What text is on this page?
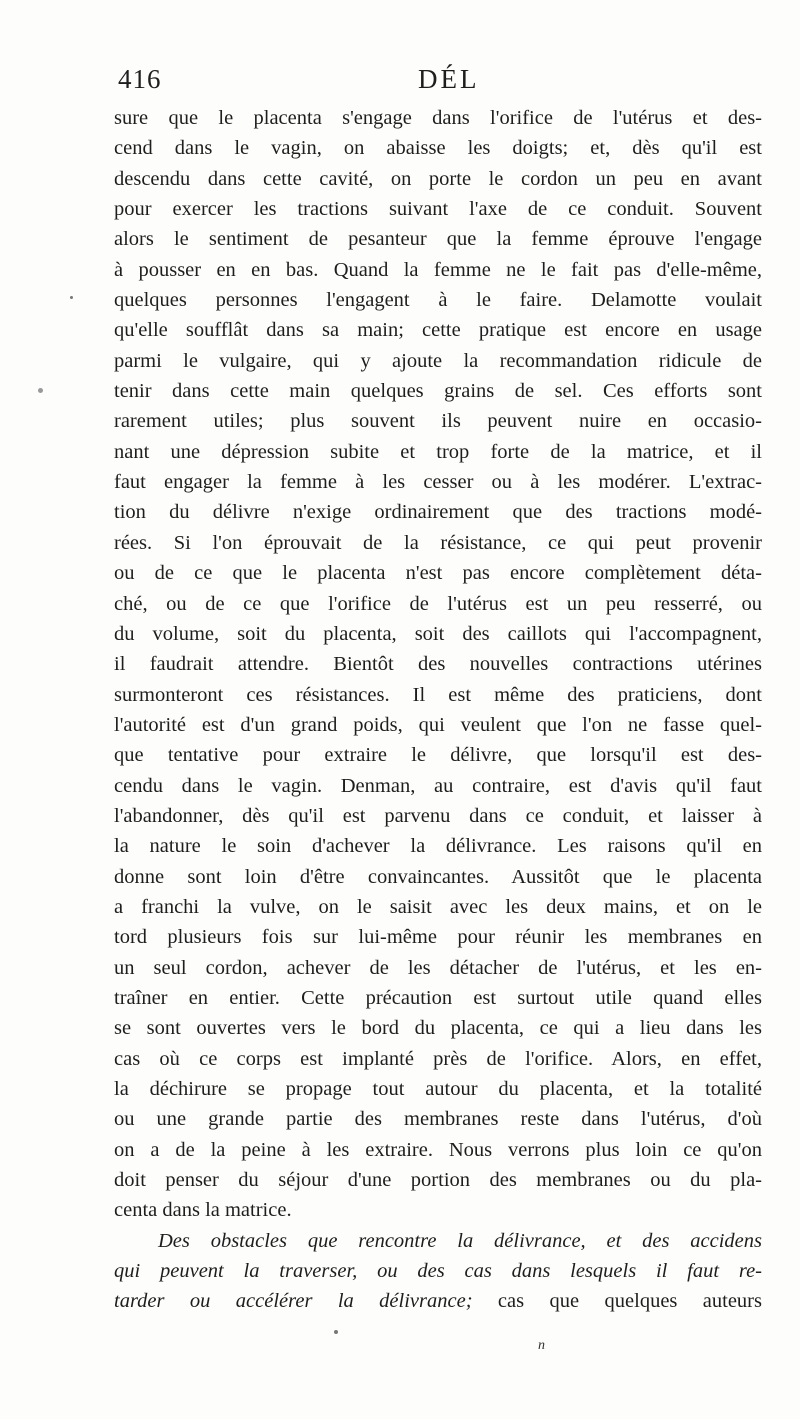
416	DÉL
sure que le placenta s'engage dans l'orifice de l'utérus et des-
cend dans le vagin, on abaisse les doigts; et, dès qu'il est
descendu dans cette cavité, on porte le cordon un peu en avant
pour exercer les tractions suivant l'axe de ce conduit. Souvent
alors le sentiment de pesanteur que la femme éprouve l'engage
à pousser en en bas. Quand la femme ne le fait pas d'elle-même,
quelques personnes l'engagent à le faire. Delamotte voulait
qu'elle soufflât dans sa main; cette pratique est encore en usage
parmi le vulgaire, qui y ajoute la recommandation ridicule de
tenir dans cette main quelques grains de sel. Ces efforts sont
rarement utiles; plus souvent ils peuvent nuire en occasio-
nant une dépression subite et trop forte de la matrice, et il
faut engager la femme à les cesser ou à les modérer. L'extrac-
tion du délivre n'exige ordinairement que des tractions modé-
rées. Si l'on éprouvait de la résistance, ce qui peut provenir
ou de ce que le placenta n'est pas encore complètement déta-
ché, ou de ce que l'orifice de l'utérus est un peu resserré, ou
du volume, soit du placenta, soit des caillots qui l'accompagnent,
il faudrait attendre. Bientôt des nouvelles contractions utérines
surmonteront ces résistances. Il est même des praticiens, dont
l'autorité est d'un grand poids, qui veulent que l'on ne fasse quel-
que tentative pour extraire le délivre, que lorsqu'il est des-
cendu dans le vagin. Denman, au contraire, est d'avis qu'il faut
l'abandonner, dès qu'il est parvenu dans ce conduit, et laisser à
la nature le soin d'achever la délivrance. Les raisons qu'il en
donne sont loin d'être convaincantes. Aussitôt que le placenta
a franchi la vulve, on le saisit avec les deux mains, et on le
tord plusieurs fois sur lui-même pour réunir les membranes en
un seul cordon, achever de les détacher de l'utérus, et les en-
traîner en entier. Cette précaution est surtout utile quand elles
se sont ouvertes vers le bord du placenta, ce qui a lieu dans les
cas où ce corps est implanté près de l'orifice. Alors, en effet,
la déchirure se propage tout autour du placenta, et la totalité
ou une grande partie des membranes reste dans l'utérus, d'où
on a de la peine à les extraire. Nous verrons plus loin ce qu'on
doit penser du séjour d'une portion des membranes ou du pla-
centa dans la matrice.
Des obstacles que rencontre la délivrance, et des accidens
qui peuvent la traverser, ou des cas dans lesquels il faut re-
tarder ou accélérer la délivrance; cas que quelques auteurs
n
